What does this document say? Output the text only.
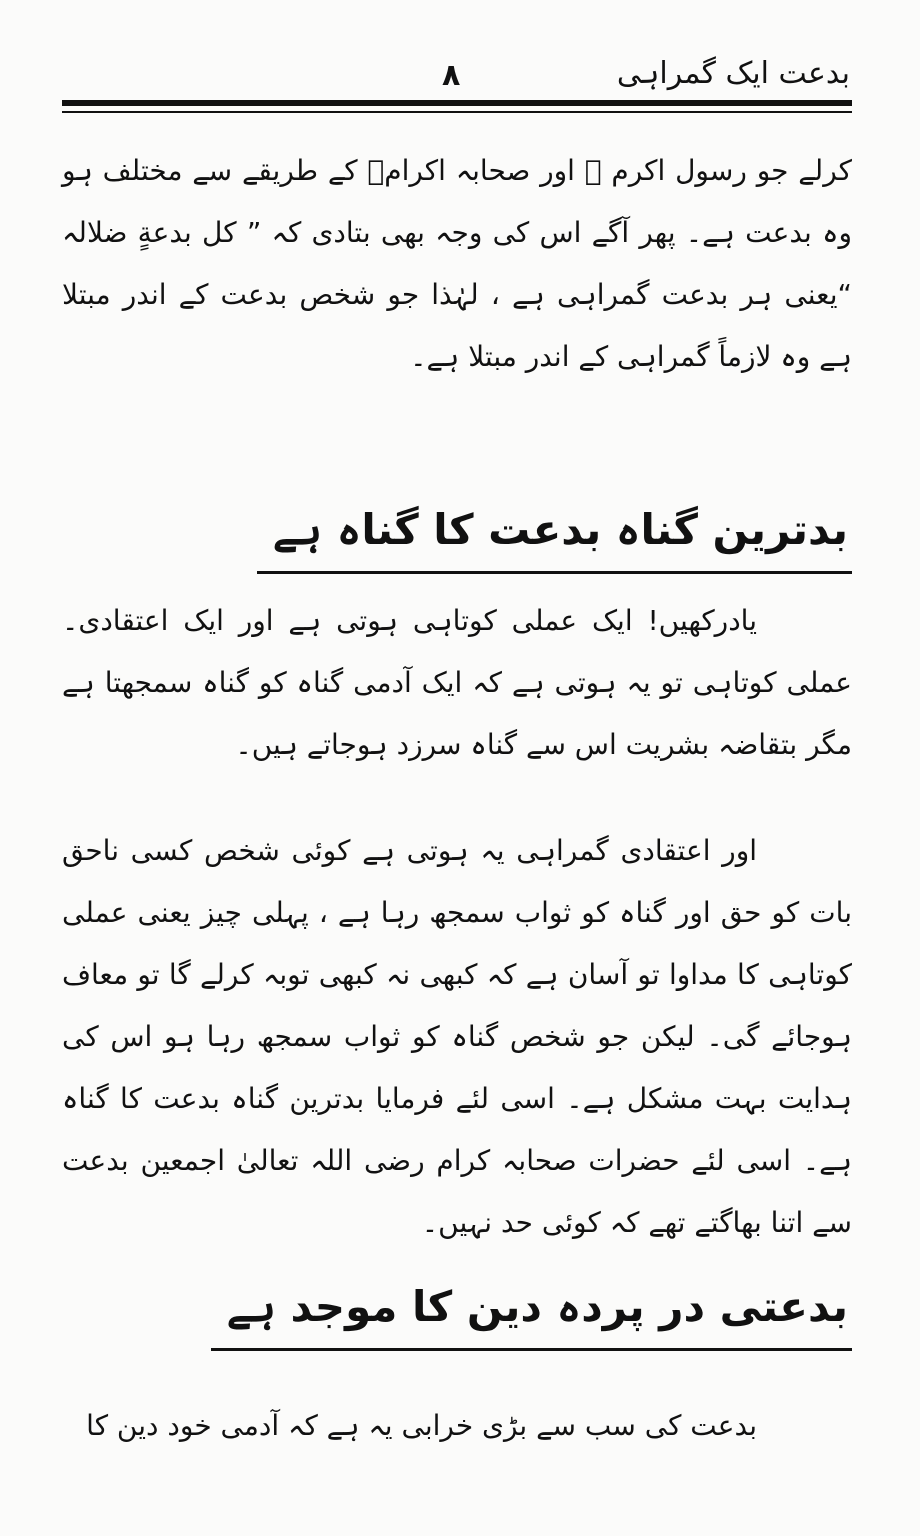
بدعت ایک گمراہی
۸

کرلے جو رسول اکرم ﷺ اور صحابہ اکرامؓ کے طریقے سے مختلف ہو وہ بدعت ہے۔ پھر آگے اس کی وجہ بھی بتادی کہ ” کل بدعةٍ ضلالہ “یعنی ہر بدعت گمراہی ہے ، لہٰذا جو شخص بدعت کے اندر مبتلا ہے وہ لازماً گمراہی کے اندر مبتلا ہے۔

بدترین گناہ بدعت کا گناہ ہے

یادرکھیں! ایک عملی کوتاہی ہوتی ہے اور ایک اعتقادی۔ عملی کوتاہی تو یہ ہوتی ہے کہ ایک آدمی گناہ کو گناہ سمجھتا ہے مگر بتقاضہ بشریت اس سے گناہ سرزد ہوجاتے ہیں۔

اور اعتقادی گمراہی یہ ہوتی ہے کوئی شخص کسی ناحق بات کو حق اور گناہ کو ثواب سمجھ رہا ہے ، پہلی چیز یعنی عملی کوتاہی کا مداوا تو آسان ہے کہ کبھی نہ کبھی توبہ کرلے گا تو معاف ہوجائے گی۔ لیکن جو شخص گناہ کو ثواب سمجھ رہا ہو اس کی ہدایت بہت مشکل ہے۔ اسی لئے فرمایا بدترین گناہ بدعت کا گناہ ہے۔ اسی لئے حضرات صحابہ کرام رضی اللہ تعالیٰ اجمعین بدعت سے اتنا بھاگتے تھے کہ کوئی حد نہیں۔

بدعتی در پردہ دین کا موجد ہے

بدعت کی سب سے بڑی خرابی یہ ہے کہ آدمی خود دین کا
